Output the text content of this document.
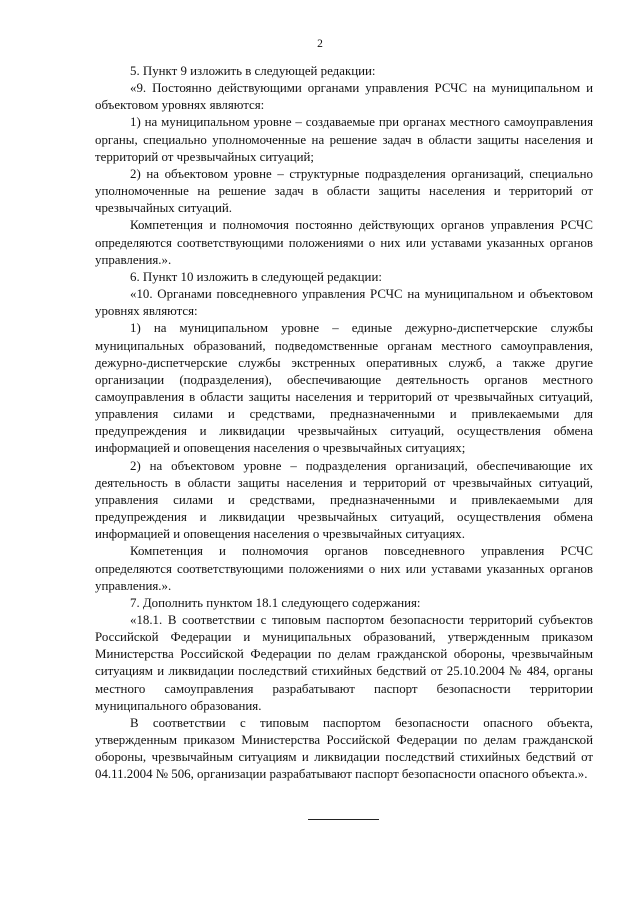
2

5. Пункт 9 изложить в следующей редакции:

«9. Постоянно действующими органами управления РСЧС на муниципальном и объектовом уровнях являются:

1) на муниципальном уровне – создаваемые при органах местного самоуправления органы, специально уполномоченные на решение задач в области защиты населения и территорий от чрезвычайных ситуаций;

2) на объектовом уровне – структурные подразделения организаций, специально уполномоченные на решение задач в области защиты населения и территорий от чрезвычайных ситуаций.

Компетенция и полномочия постоянно действующих органов управления РСЧС определяются соответствующими положениями о них или уставами указанных органов управления.».

6. Пункт 10 изложить в следующей редакции:

«10. Органами повседневного управления РСЧС на муниципальном и объектовом уровнях являются:

1) на муниципальном уровне – единые дежурно-диспетчерские службы муниципальных образований, подведомственные органам местного самоуправления, дежурно-диспетчерские службы экстренных оперативных служб, а также другие организации (подразделения), обеспечивающие деятельность органов местного самоуправления в области защиты населения и территорий от чрезвычайных ситуаций, управления силами и средствами, предназначенными и привлекаемыми для предупреждения и ликвидации чрезвычайных ситуаций, осуществления обмена информацией и оповещения населения о чрезвычайных ситуациях;

2) на объектовом уровне – подразделения организаций, обеспечивающие их деятельность в области защиты населения и территорий от чрезвычайных ситуаций, управления силами и средствами, предназначенными и привлекаемыми для предупреждения и ликвидации чрезвычайных ситуаций, осуществления обмена информацией и оповещения населения о чрезвычайных ситуациях.

Компетенция и полномочия органов повседневного управления РСЧС определяются соответствующими положениями о них или уставами указанных органов управления.».

7. Дополнить пунктом 18.1 следующего содержания:

«18.1. В соответствии с типовым паспортом безопасности территорий субъектов Российской Федерации и муниципальных образований, утвержденным приказом Министерства Российской Федерации по делам гражданской обороны, чрезвычайным ситуациям и ликвидации последствий стихийных бедствий от 25.10.2004 № 484, органы местного самоуправления разрабатывают паспорт безопасности территории муниципального образования.

В соответствии с типовым паспортом безопасности опасного объекта, утвержденным приказом Министерства Российской Федерации по делам гражданской обороны, чрезвычайным ситуациям и ликвидации последствий стихийных бедствий от 04.11.2004 № 506, организации разрабатывают паспорт безопасности опасного объекта.».
